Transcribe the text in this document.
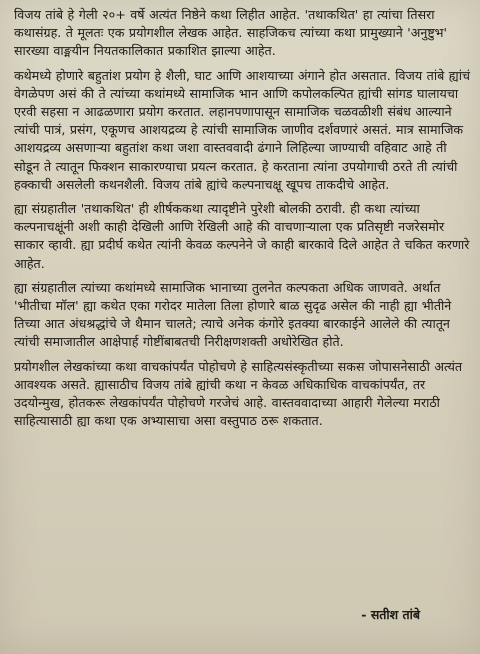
विजय तांबे हे गेली २०+ वर्षे अत्यंत निष्ठेने कथा लिहीत आहेत. 'तथाकथित' हा त्यांचा तिसरा कथासंग्रह. ते मूलतः एक प्रयोगशील लेखक आहेत. साहजिकच त्यांच्या कथा प्रामुख्याने 'अनुष्टुभ' सारख्या वाङ्मयीन नियतकालिकात प्रकाशित झाल्या आहेत.

कथेमध्ये होणारे बहुतांश प्रयोग हे शैली, घाट आणि आशयाच्या अंगाने होत असतात. विजय तांबे ह्यांचं वेगळेपण असं की ते त्यांच्या कथांमध्ये सामाजिक भान आणि कपोलकल्पित ह्यांची सांगड घालायचा एरवी सहसा न आढळणारा प्रयोग करतात. लहानपणापासून सामाजिक चळवळीशी संबंध आल्याने त्यांची पात्रं, प्रसंग, एकूणच आशयद्रव्य हे त्यांची सामाजिक जाणीव दर्शवणारं असतं. मात्र सामाजिक आशयद्रव्य असणाऱ्या बहुतांश कथा जशा वास्तववादी ढंगाने लिहिल्या जाण्याची वहिवाट आहे ती सोडून ते त्यातून फिक्शन साकारण्याचा प्रयत्न करतात. हे करताना त्यांना उपयोगाची ठरते ती त्यांची हक्काची असलेली कथनशैली. विजय तांबे ह्यांचे कल्पनाचक्षू खूपच ताकदीचे आहेत.

ह्या संग्रहातील 'तथाकथित' ही शीर्षककथा त्यादृष्टीने पुरेशी बोलकी ठरावी. ही कथा त्यांच्या कल्पनाचक्षूंनी अशी काही देखिली आणि रेखिली आहे की वाचणाऱ्याला एक प्रतिसृष्टी नजरेसमोर साकार व्हावी. ह्या प्रदीर्घ कथेत त्यांनी केवळ कल्पनेने जे काही बारकावे दिले आहेत ते चकित करणारे आहेत.

ह्या संग्रहातील त्यांच्या कथांमध्ये सामाजिक भानाच्या तुलनेत कल्पकता अधिक जाणवते. अर्थात 'भीतीचा मॉल' ह्या कथेत एका गरोदर मातेला तिला होणारे बाळ सुदृढ असेल की नाही ह्या भीतीने तिच्या आत अंधश्रद्धांचे जे थैमान चालते; त्याचे अनेक कंगोरे इतक्या बारकाईने आलेले की त्यातून त्यांची समाजातील आक्षेपार्ह गोष्टींबाबतची निरीक्षणशक्ती अधोरेखित होते.

प्रयोगशील लेखकांच्या कथा वाचकांपर्यंत पोहोचणे हे साहित्यसंस्कृतीच्या सकस जोपासनेसाठी अत्यंत आवश्यक असते. ह्यासाठीच विजय तांबे ह्यांची कथा न केवळ अधिकाधिक वाचकांपर्यंत, तर उदयोन्मुख, होतकरू लेखकांपर्यंत पोहोचणे गरजेचं आहे. वास्तववादाच्या आहारी गेलेल्या मराठी साहित्यासाठी ह्या कथा एक अभ्यासाचा असा वस्तुपाठ ठरू शकतात.

- सतीश तांबे
